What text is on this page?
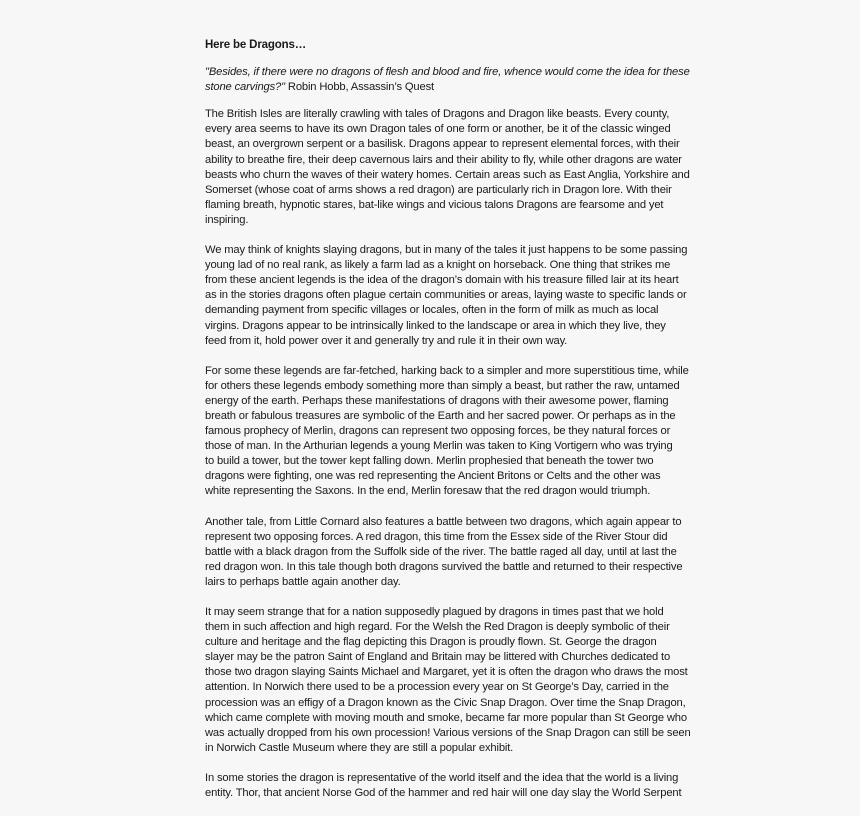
Here be Dragons…
"Besides, if there were no dragons of flesh and blood and fire, whence would come the idea for these
stone carvings?" Robin Hobb, Assassin’s Quest

The British Isles are literally crawling with tales of Dragons and Dragon like beasts. Every county,
every area seems to have its own Dragon tales of one form or another, be it of the classic winged
beast, an overgrown serpent or a basilisk. Dragons appear to represent elemental forces, with their
ability to breathe fire, their deep cavernous lairs and their ability to fly, while other dragons are water
beasts who churn the waves of their watery homes. Certain areas such as East Anglia, Yorkshire and
Somerset (whose coat of arms shows a red dragon) are particularly rich in Dragon lore. With their
flaming breath, hypnotic stares, bat-like wings and vicious talons Dragons are fearsome and yet
inspiring.

We may think of knights slaying dragons, but in many of the tales it just happens to be some passing
young lad of no real rank, as likely a farm lad as a knight on horseback. One thing that strikes me
from these ancient legends is the idea of the dragon’s domain with his treasure filled lair at its heart
as in the stories dragons often plague certain communities or areas, laying waste to specific lands or
demanding payment from specific villages or locales, often in the form of milk as much as local
virgins. Dragons appear to be intrinsically linked to the landscape or area in which they live, they
feed from it, hold power over it and generally try and rule it in their own way.

For some these legends are far-fetched, harking back to a simpler and more superstitious time, while
for others these legends embody something more than simply a beast, but rather the raw, untamed
energy of the earth. Perhaps these manifestations of dragons with their awesome power, flaming
breath or fabulous treasures are symbolic of the Earth and her sacred power. Or perhaps as in the
famous prophecy of Merlin, dragons can represent two opposing forces, be they natural forces or
those of man. In the Arthurian legends a young Merlin was taken to King Vortigern who was trying
to build a tower, but the tower kept falling down. Merlin prophesied that beneath the tower two
dragons were fighting, one was red representing the Ancient Britons or Celts and the other was
white representing the Saxons. In the end, Merlin foresaw that the red dragon would triumph.

Another tale, from Little Cornard also features a battle between two dragons, which again appear to
represent two opposing forces. A red dragon, this time from the Essex side of the River Stour did
battle with a black dragon from the Suffolk side of the river. The battle raged all day, until at last the
red dragon won. In this tale though both dragons survived the battle and returned to their respective
lairs to perhaps battle again another day.

It may seem strange that for a nation supposedly plagued by dragons in times past that we hold
them in such affection and high regard. For the Welsh the Red Dragon is deeply symbolic of their
culture and heritage and the flag depicting this Dragon is proudly flown. St. George the dragon
slayer may be the patron Saint of England and Britain may be littered with Churches dedicated to
those two dragon slaying Saints Michael and Margaret, yet it is often the dragon who draws the most
attention. In Norwich there used to be a procession every year on St George’s Day, carried in the
procession was an effigy of a Dragon known as the Civic Snap Dragon. Over time the Snap Dragon,
which came complete with moving mouth and smoke, became far more popular than St George who
was actually dropped from his own procession! Various versions of the Snap Dragon can still be seen
in Norwich Castle Museum where they are still a popular exhibit.

In some stories the dragon is representative of the world itself and the idea that the world is a living
entity. Thor, that ancient Norse God of the hammer and red hair will one day slay the World Serpent
